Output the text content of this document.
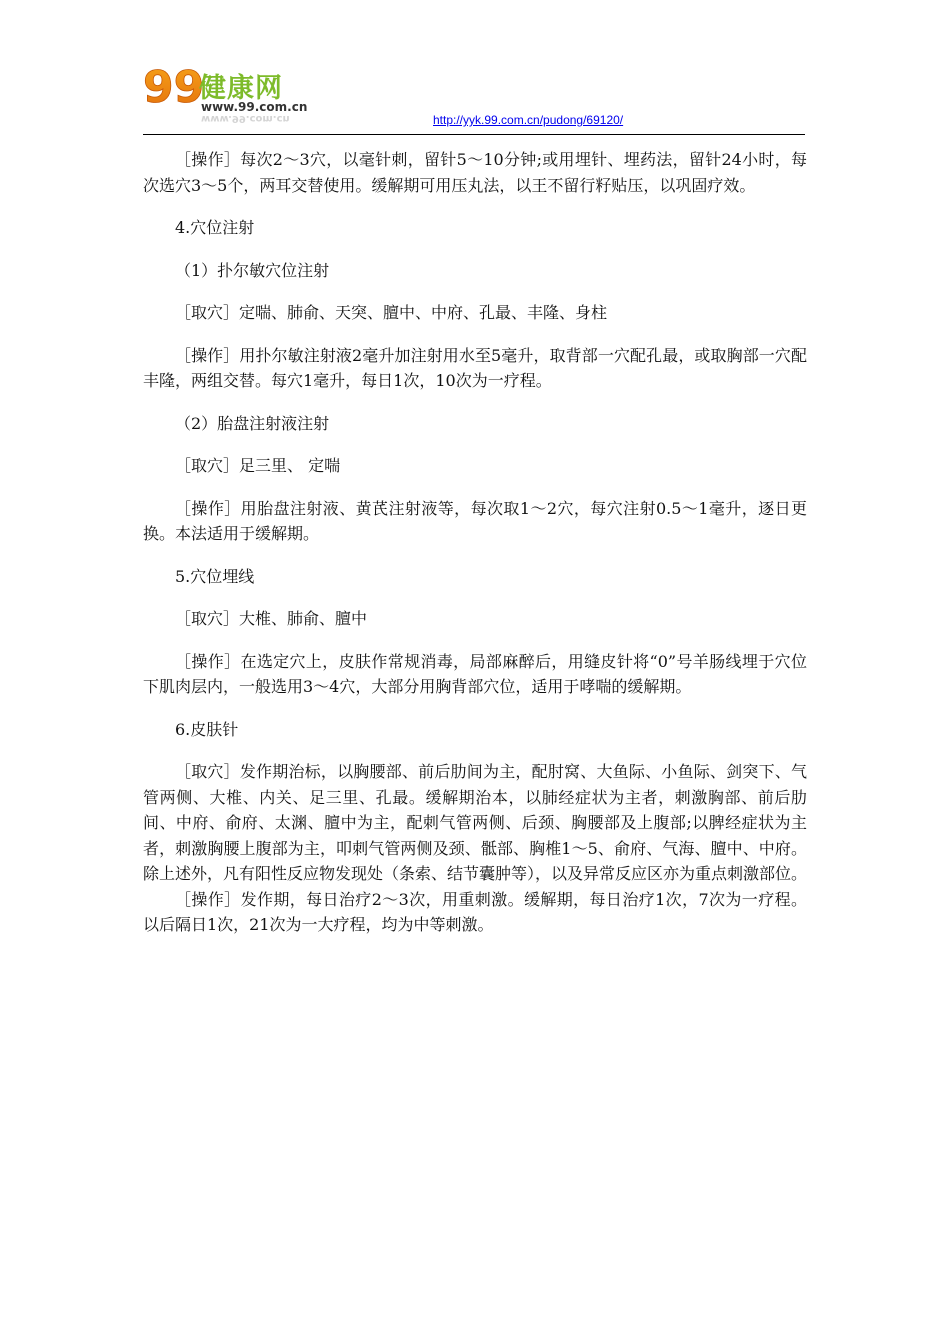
99
健康网
www.99.com.cn
www.99.com.cn	http://yyk.99.com.cn/pudong/69120/

［操作］每次2～3穴，以毫针刺，留针5～10分钟;或用埋针、埋药法，留针24小时，每次选穴3～5个，两耳交替使用。缓解期可用压丸法，以王不留行籽贴压，以巩固疗效。

4.穴位注射

（1）扑尔敏穴位注射

［取穴］定喘、肺俞、天突、膻中、中府、孔最、丰隆、身柱

［操作］用扑尔敏注射液2毫升加注射用水至5毫升，取背部一穴配孔最，或取胸部一穴配丰隆，两组交替。每穴1毫升，每日1次，10次为一疗程。

（2）胎盘注射液注射

［取穴］足三里、 定喘

［操作］用胎盘注射液、黄芪注射液等，每次取1～2穴，每穴注射0.5～1毫升，逐日更换。本法适用于缓解期。

5.穴位埋线

［取穴］大椎、肺俞、膻中

［操作］在选定穴上，皮肤作常规消毒，局部麻醉后，用缝皮针将“0”号羊肠线埋于穴位下肌肉层内，一般选用3～4穴，大部分用胸背部穴位，适用于哮喘的缓解期。

6.皮肤针

［取穴］发作期治标，以胸腰部、前后肋间为主，配肘窝、大鱼际、小鱼际、剑突下、气管两侧、大椎、内关、足三里、孔最。缓解期治本，以肺经症状为主者，刺激胸部、前后肋间、中府、俞府、太渊、膻中为主，配刺气管两侧、后颈、胸腰部及上腹部;以脾经症状为主者，刺激胸腰上腹部为主，叩刺气管两侧及颈、骶部、胸椎1～5、俞府、气海、膻中、中府。除上述外，凡有阳性反应物发现处（条索、结节囊肿等），以及异常反应区亦为重点刺激部位。

［操作］发作期，每日治疗2～3次，用重刺激。缓解期，每日治疗1次，7次为一疗程。以后隔日1次，21次为一大疗程，均为中等刺激。
